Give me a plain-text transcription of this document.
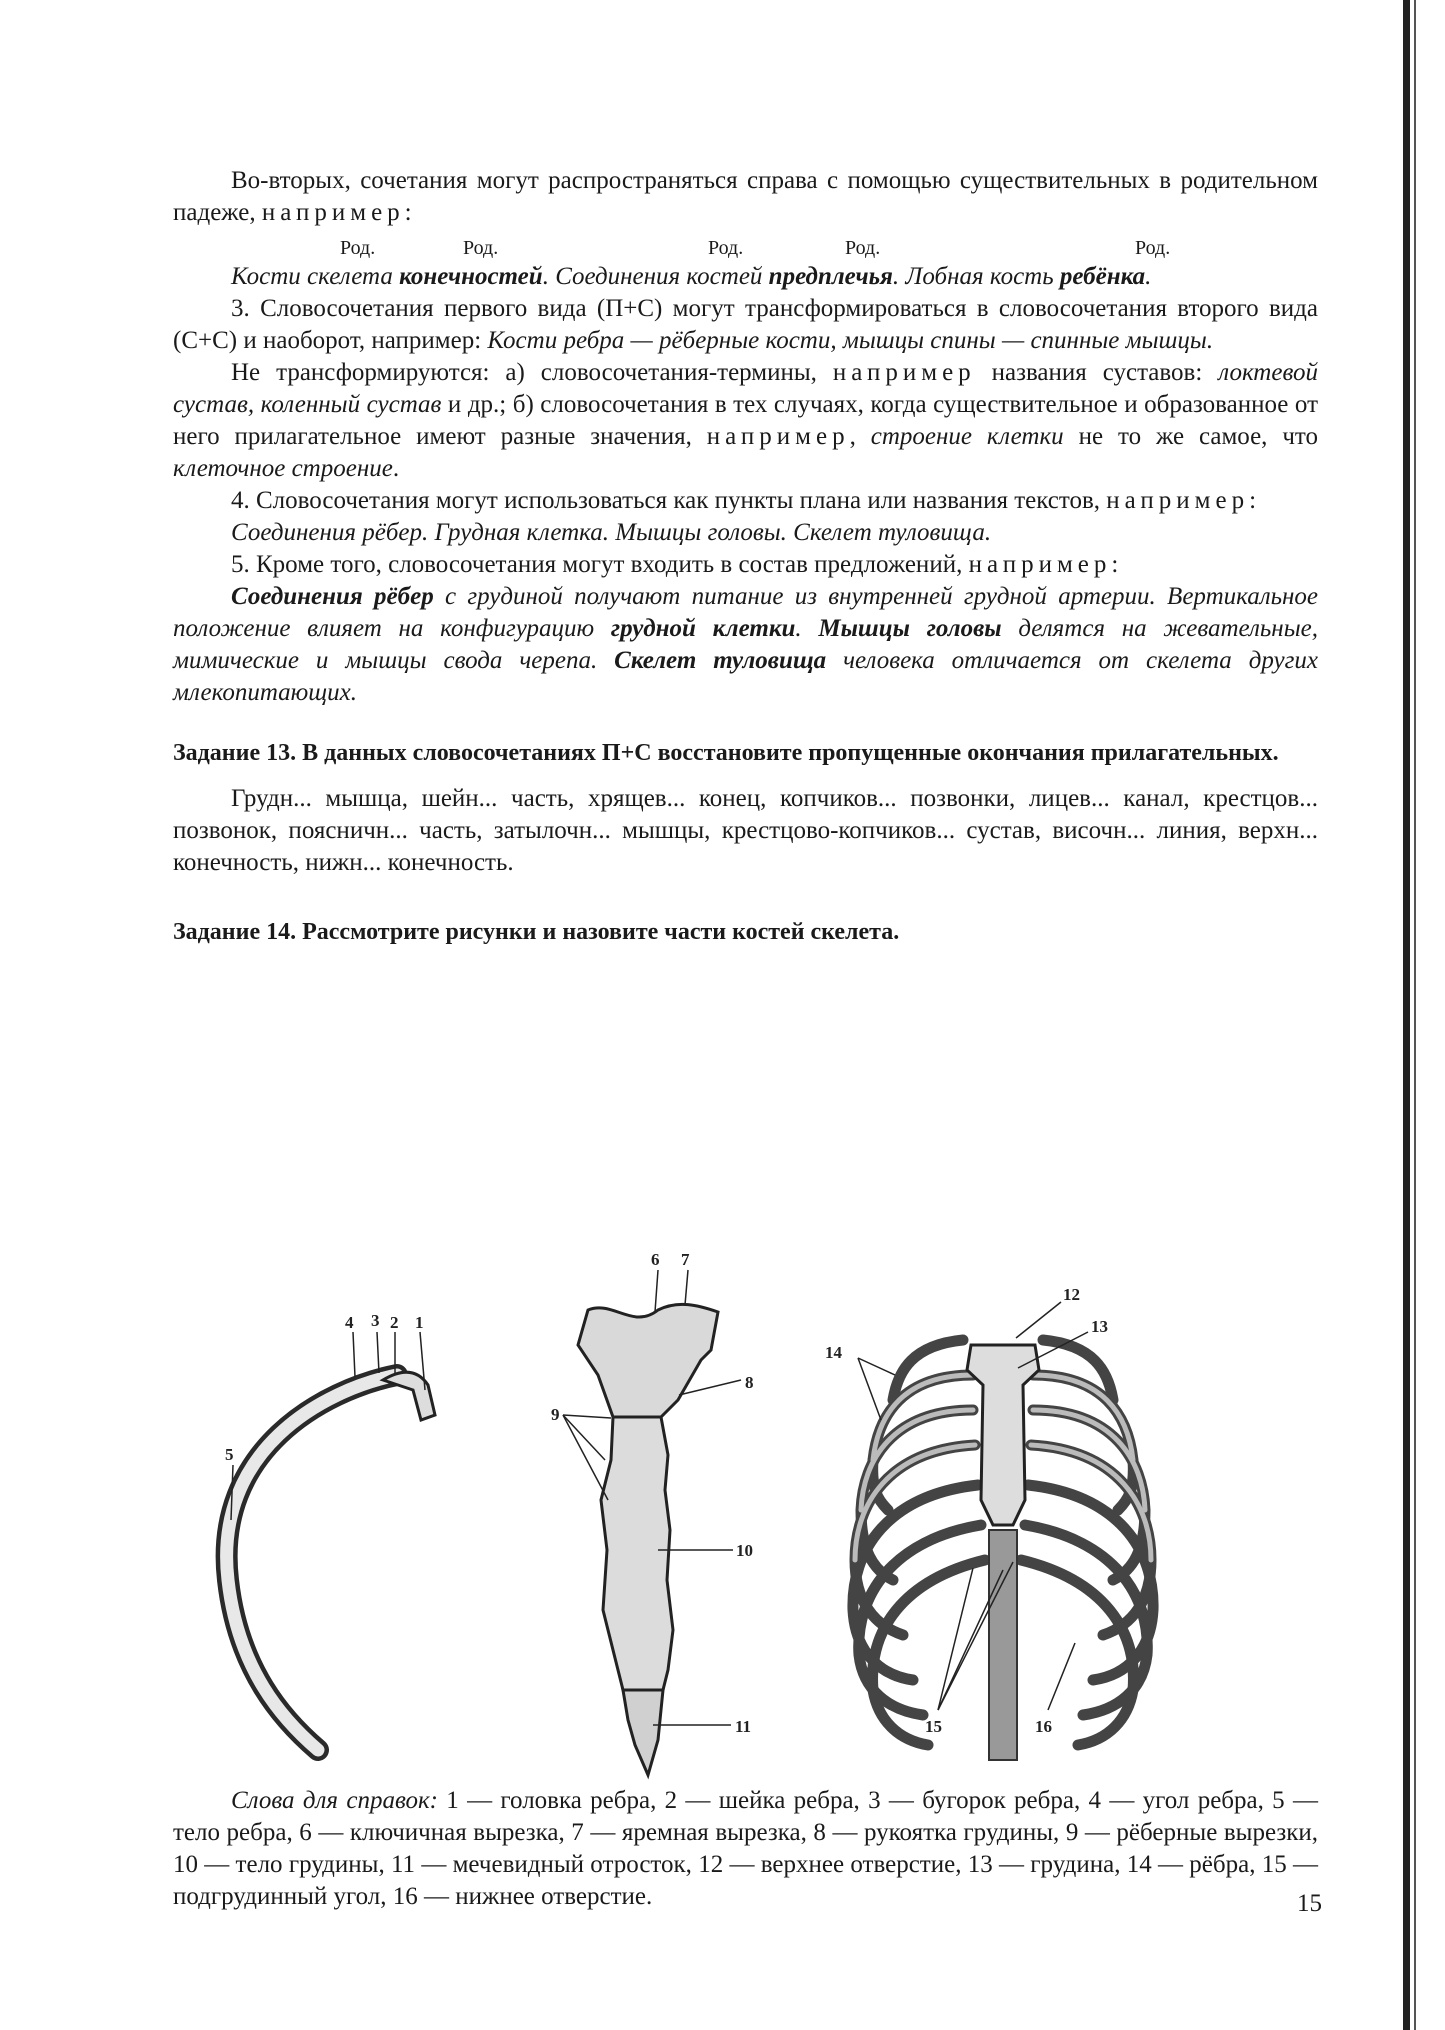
Во-вторых, сочетания могут распространяться справа с помощью существительных в родительном падеже, например:

Род.	Род.	Род.	Род.	Род.

Кости скелета конечностей. Соединения костей предплечья. Лобная кость ребёнка.

3. Словосочетания первого вида (П+С) могут трансформироваться в словосочетания второго вида (С+С) и наоборот, например: Кости ребра — рёберные кости, мышцы спины — спинные мышцы.

Не трансформируются: а) словосочетания-термины, например названия суставов: локтевой сустав, коленный сустав и др.; б) словосочетания в тех случаях, когда существительное и образованное от него прилагательное имеют разные значения, например, строение клетки не то же самое, что клеточное строение.

4. Словосочетания могут использоваться как пункты плана или названия текстов, например:

Соединения рёбер. Грудная клетка. Мышцы головы. Скелет туловища.

5. Кроме того, словосочетания могут входить в состав предложений, например:

Соединения рёбер с грудиной получают питание из внутренней грудной артерии. Вертикальное положение влияет на конфигурацию грудной клетки. Мышцы головы делятся на жевательные, мимические и мышцы свода черепа. Скелет туловища человека отличается от скелета других млекопитающих.

Задание 13. В данных словосочетаниях П+С восстановите пропущенные окончания прилагательных.

Грудн... мышца, шейн... часть, хрящев... конец, копчиков... позвонки, лицев... канал, крестцов... позвонок, поясничн... часть, затылочн... мышцы, крестцово-копчиков... сустав, височн... линия, верхн... конечность, нижн... конечность.

Задание 14. Рассмотрите рисунки и назовите части костей скелета.

4 3 2 1
5
6 7
8
9
10
11
12
13
14
15	16

Слова для справок: 1 — головка ребра, 2 — шейка ребра, 3 — бугорок ребра, 4 — угол ребра, 5 — тело ребра, 6 — ключичная вырезка, 7 — яремная вырезка, 8 — рукоятка грудины, 9 — рёберные вырезки, 10 — тело грудины, 11 — мечевидный отросток, 12 — верхнее отверстие, 13 — грудина, 14 — рёбра, 15 — подгрудинный угол, 16 — нижнее отверстие.	15
